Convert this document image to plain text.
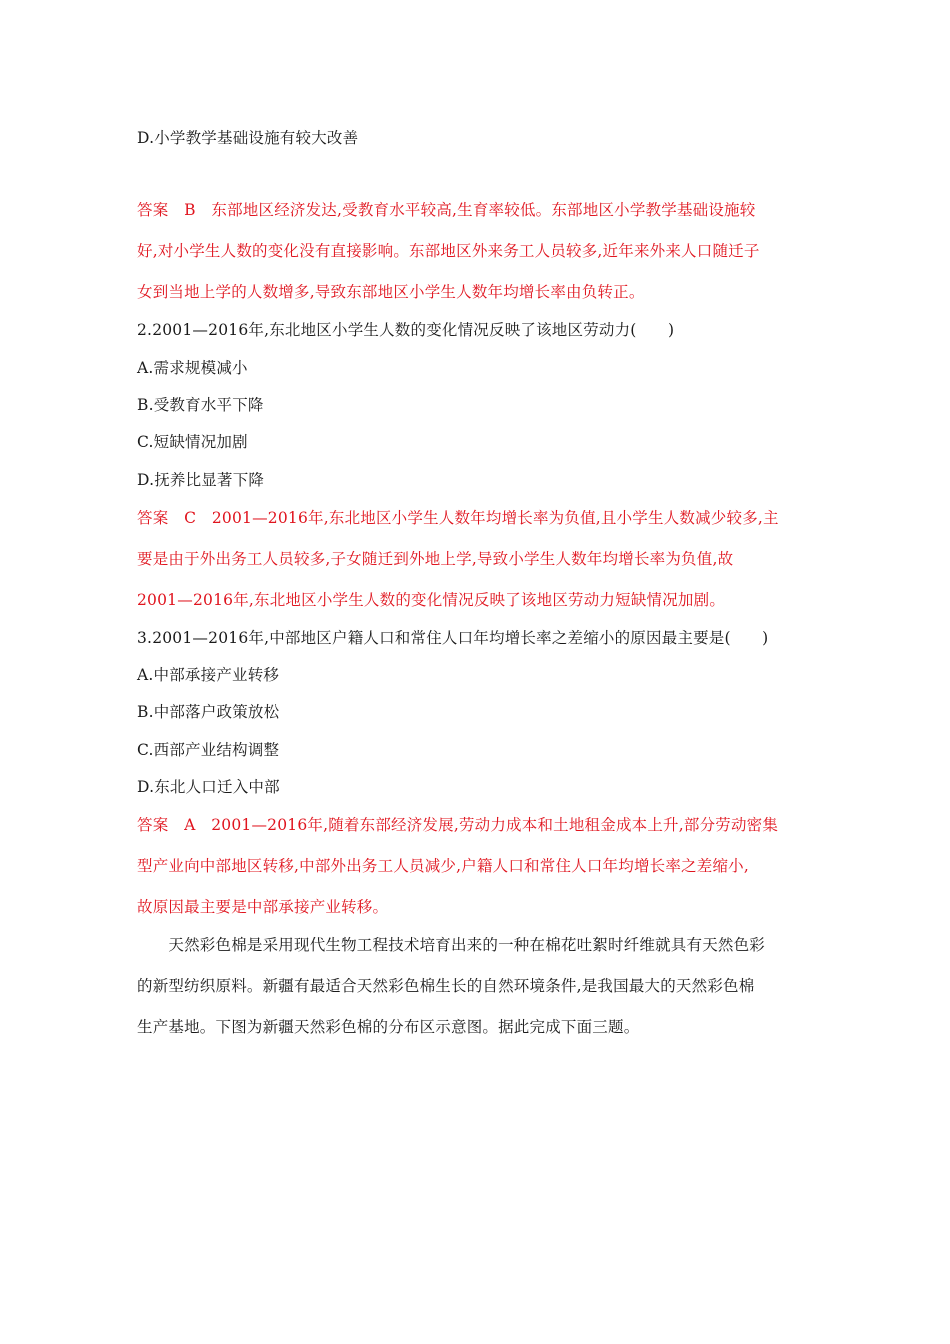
D.小学教学基础设施有较大改善
答案　B　东部地区经济发达,受教育水平较高,生育率较低。东部地区小学教学基础设施较
好,对小学生人数的变化没有直接影响。东部地区外来务工人员较多,近年来外来人口随迁子
女到当地上学的人数增多,导致东部地区小学生人数年均增长率由负转正。
2.2001—2016年,东北地区小学生人数的变化情况反映了该地区劳动力(　　)
A.需求规模减小
B.受教育水平下降
C.短缺情况加剧
D.抚养比显著下降
答案　C　2001—2016年,东北地区小学生人数年均增长率为负值,且小学生人数减少较多,主
要是由于外出务工人员较多,子女随迁到外地上学,导致小学生人数年均增长率为负值,故
2001—2016年,东北地区小学生人数的变化情况反映了该地区劳动力短缺情况加剧。
3.2001—2016年,中部地区户籍人口和常住人口年均增长率之差缩小的原因最主要是(　　)
A.中部承接产业转移
B.中部落户政策放松
C.西部产业结构调整
D.东北人口迁入中部
答案　A　2001—2016年,随着东部经济发展,劳动力成本和土地租金成本上升,部分劳动密集
型产业向中部地区转移,中部外出务工人员减少,户籍人口和常住人口年均增长率之差缩小,
故原因最主要是中部承接产业转移。
　　天然彩色棉是采用现代生物工程技术培育出来的一种在棉花吐絮时纤维就具有天然色彩
的新型纺织原料。新疆有最适合天然彩色棉生长的自然环境条件,是我国最大的天然彩色棉
生产基地。下图为新疆天然彩色棉的分布区示意图。据此完成下面三题。
